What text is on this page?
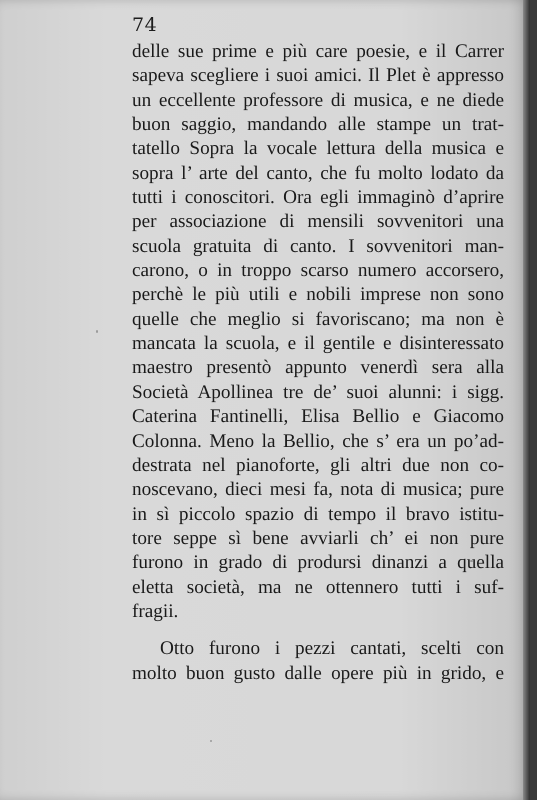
74
delle sue prime e più care poesie, e il Carrer
sapeva scegliere i suoi amici. Il Plet è appresso
un eccellente professore di musica, e ne diede
buon saggio, mandando alle stampe un trat-
tatello Sopra la vocale lettura della musica e
sopra l’ arte del canto, che fu molto lodato da
tutti i conoscitori. Ora egli immaginò d’aprire
per associazione di mensili sovvenitori una
scuola gratuita di canto. I sovvenitori man-
carono, o in troppo scarso numero accorsero,
perchè le più utili e nobili imprese non sono
quelle che meglio si favoriscano; ma non è
mancata la scuola, e il gentile e disinteressato
maestro presentò appunto venerdì sera alla
Società Apollinea tre de’ suoi alunni: i sigg.
Caterina Fantinelli, Elisa Bellio e Giacomo
Colonna. Meno la Bellio, che s’ era un po’ad-
destrata nel pianoforte, gli altri due non co-
noscevano, dieci mesi fa, nota di musica; pure
in sì piccolo spazio di tempo il bravo istitu-
tore seppe sì bene avviarli ch’ ei non pure
furono in grado di prodursi dinanzi a quella
eletta società, ma ne ottennero tutti i suf-
fragii.
Otto furono i pezzi cantati, scelti con
molto buon gusto dalle opere più in grido, e
